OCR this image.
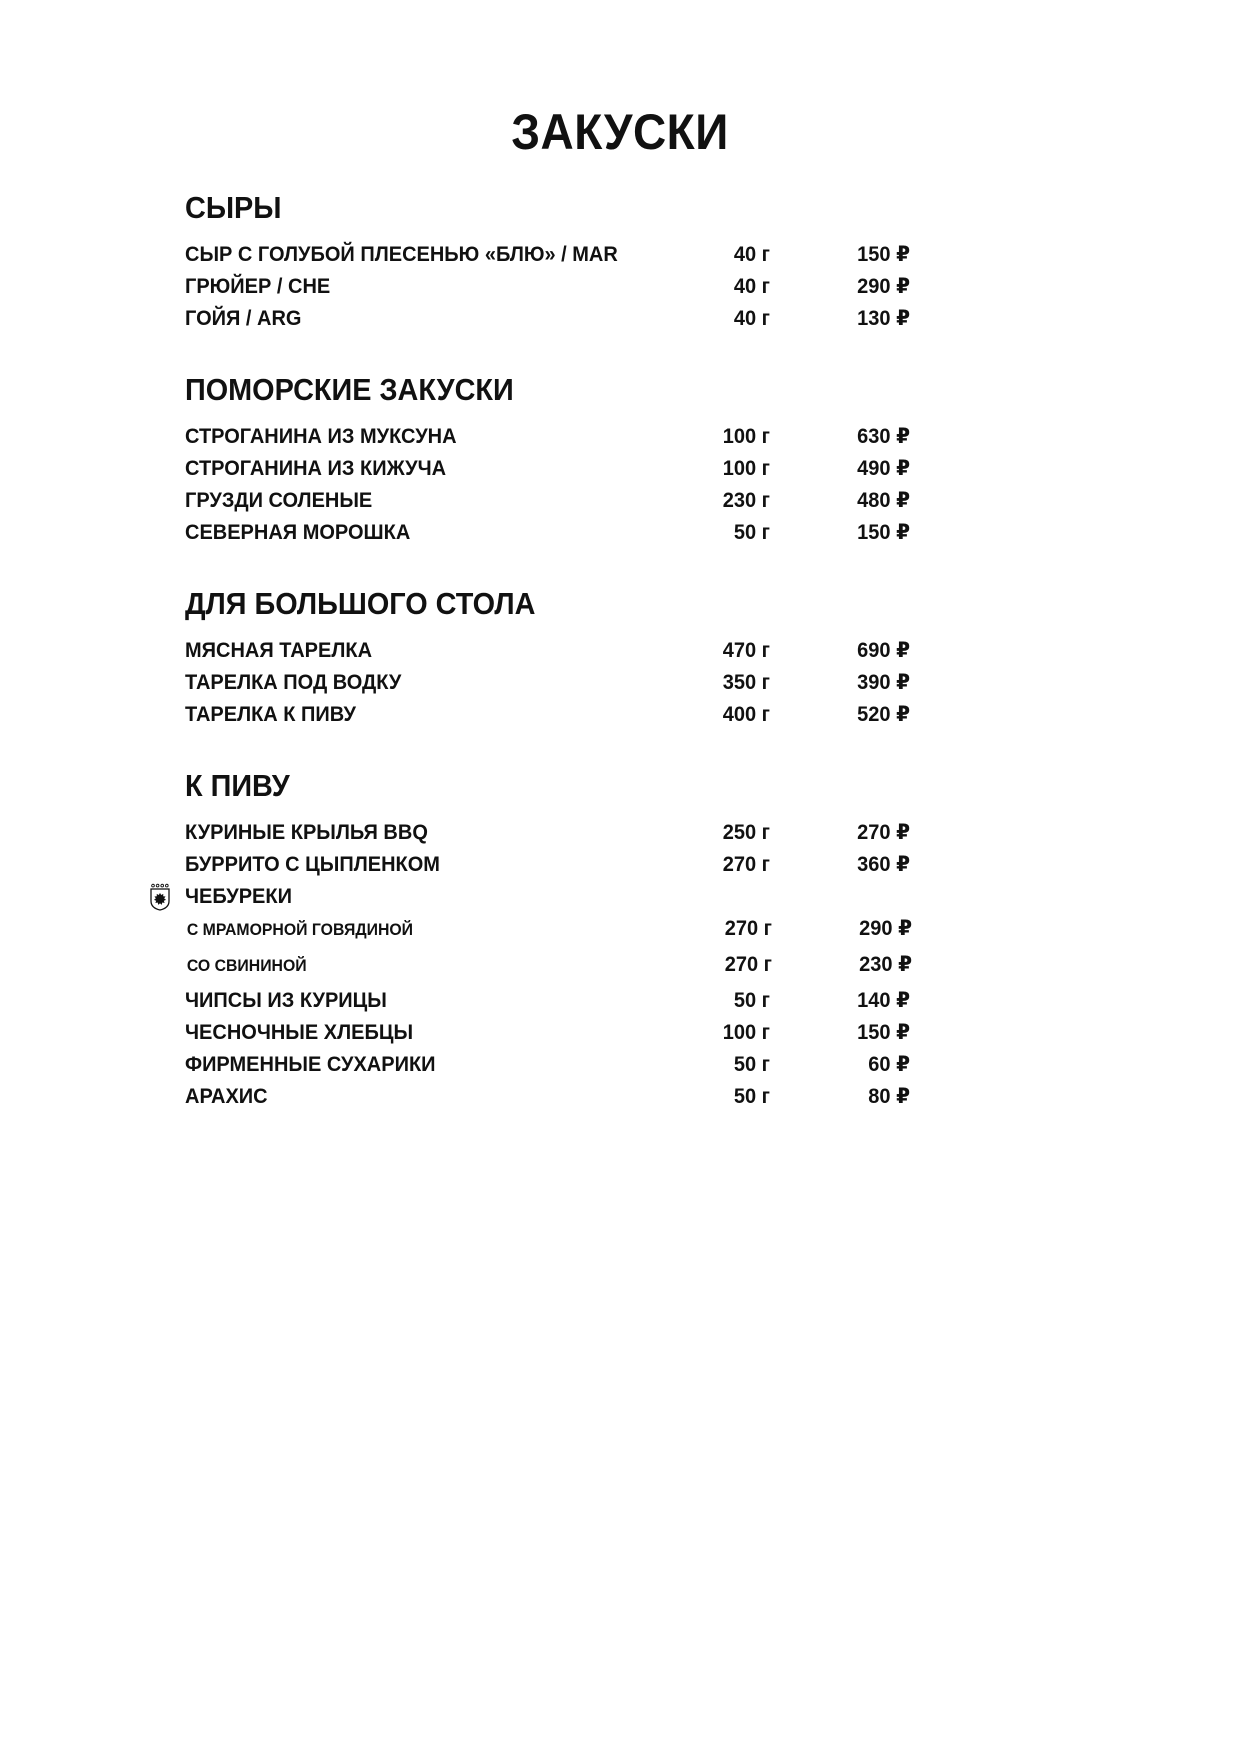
ЗАКУСКИ
СЫРЫ
СЫР С ГОЛУБОЙ ПЛЕСЕНЬЮ «БЛЮ» / MAR	40 г	150 ₽
ГРЮЙЕР / CHE	40 г	290 ₽
ГОЙЯ / ARG	40 г	130 ₽
ПОМОРСКИЕ ЗАКУСКИ
СТРОГАНИНА ИЗ МУКСУНА	100 г	630 ₽
СТРОГАНИНА ИЗ КИЖУЧА	100 г	490 ₽
ГРУЗДИ СОЛЕНЫЕ	230 г	480 ₽
СЕВЕРНАЯ МОРОШКА	50 г	150 ₽
ДЛЯ БОЛЬШОГО СТОЛА
МЯСНАЯ ТАРЕЛКА	470 г	690 ₽
ТАРЕЛКА ПОД ВОДКУ	350 г	390 ₽
ТАРЕЛКА К ПИВУ	400 г	520 ₽
К ПИВУ
КУРИНЫЕ КРЫЛЬЯ BBQ	250 г	270 ₽
БУРРИТО С ЦЫПЛЕНКОМ	270 г	360 ₽
ЧЕБУРЕКИ
С МРАМОРНОЙ ГОВЯДИНОЙ	270 г	290 ₽
СО СВИНИНОЙ	270 г	230 ₽
ЧИПСЫ ИЗ КУРИЦЫ	50 г	140 ₽
ЧЕСНОЧНЫЕ ХЛЕБЦЫ	100 г	150 ₽
ФИРМЕННЫЕ СУХАРИКИ	50 г	60 ₽
АРАХИС	50 г	80 ₽
